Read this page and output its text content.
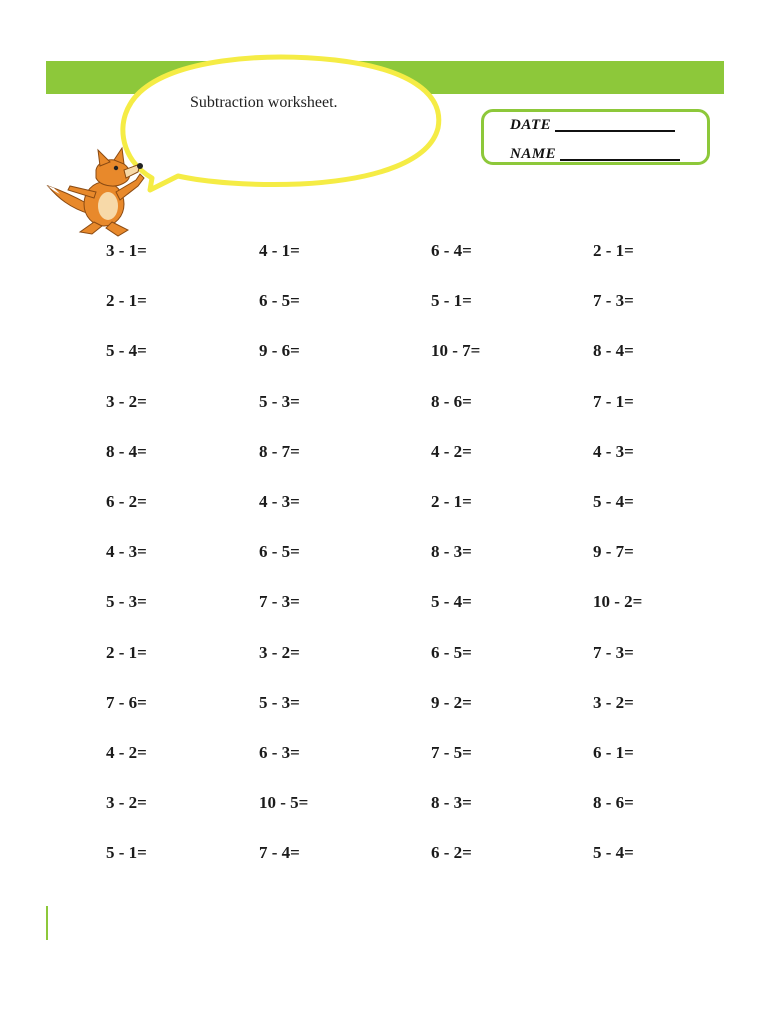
Subtraction worksheet.
DATE
NAME
3 - 1=	4 - 1=	6 - 4=	2 - 1=
2 - 1=	6 - 5=	5 - 1=	7 - 3=
5 - 4=	9 - 6=	10 - 7=	8 - 4=
3 - 2=	5 - 3=	8 - 6=	7 - 1=
8 - 4=	8 - 7=	4 - 2=	4 - 3=
6 - 2=	4 - 3=	2 - 1=	5 - 4=
4 - 3=	6 - 5=	8 - 3=	9 - 7=
5 - 3=	7 - 3=	5 - 4=	10 - 2=
2 - 1=	3 - 2=	6 - 5=	7 - 3=
7 - 6=	5 - 3=	9 - 2=	3 - 2=
4 - 2=	6 - 3=	7 - 5=	6 - 1=
3 - 2=	10 - 5=	8 - 3=	8 - 6=
5 - 1=	7 - 4=	6 - 2=	5 - 4=
